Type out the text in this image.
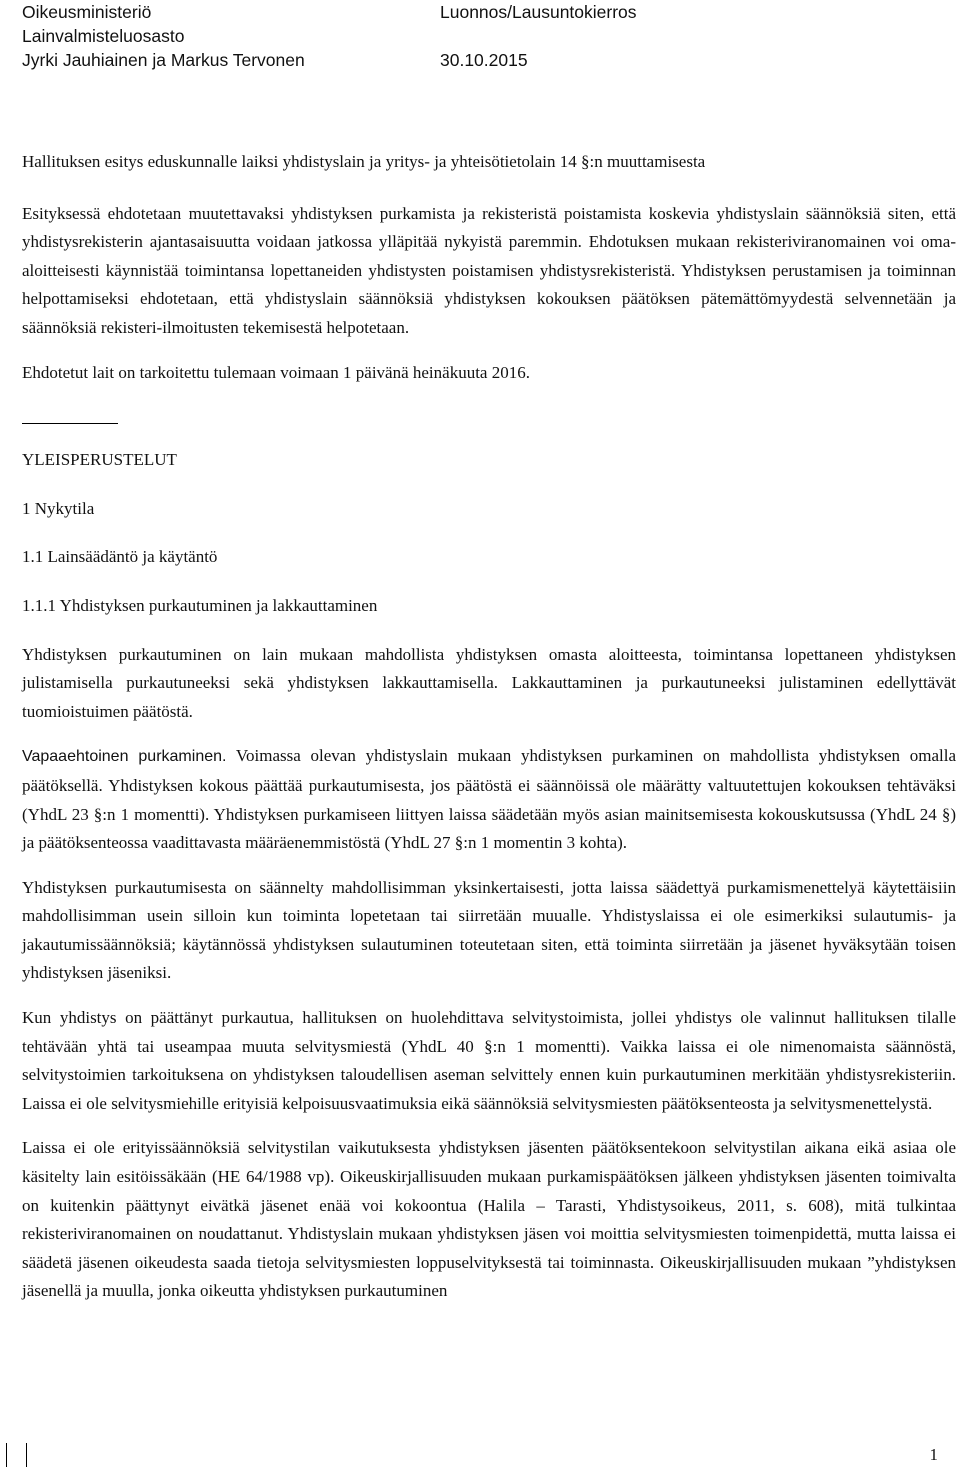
Oikeusministeriö	Luonnos/Lausuntokierros
Lainvalmisteluosasto
Jyrki Jauhiainen ja Markus Tervonen	30.10.2015

Hallituksen esitys eduskunnalle laiksi yhdistyslain ja yritys- ja yhteisötietolain 14 §:n muuttamisesta

Esityksessä ehdotetaan muutettavaksi yhdistyksen purkamista ja rekisteristä poistamista koskevia yhdistyslain säännöksiä siten, että yhdistysrekisterin ajantasaisuutta voidaan jatkossa ylläpitää nykyistä paremmin. Ehdotuksen mukaan rekisteriviranomainen voi oma-aloitteisesti käynnistää toimintansa lopettaneiden yhdistysten poistamisen yhdistysrekisteristä. Yhdistyksen perustamisen ja toiminnan helpottamiseksi ehdotetaan, että yhdistyslain säännöksiä yhdistyksen kokouksen päätöksen pätemättömyydestä selvennetään ja säännöksiä rekisteri-ilmoitusten tekemisestä helpotetaan.

Ehdotetut lait on tarkoitettu tulemaan voimaan 1 päivänä heinäkuuta 2016.

YLEISPERUSTELUT

1 Nykytila

1.1 Lainsäädäntö ja käytäntö

1.1.1 Yhdistyksen purkautuminen ja lakkauttaminen

Yhdistyksen purkautuminen on lain mukaan mahdollista yhdistyksen omasta aloitteesta, toimintansa lopettaneen yhdistyksen julistamisella purkautuneeksi sekä yhdistyksen lakkauttamisella. Lakkauttaminen ja purkautuneeksi julistaminen edellyttävät tuomioistuimen päätöstä.

Vapaaehtoinen purkaminen. Voimassa olevan yhdistyslain mukaan yhdistyksen purkaminen on mahdollista yhdistyksen omalla päätöksellä. Yhdistyksen kokous päättää purkautumisesta, jos päätöstä ei säännöissä ole määrätty valtuutettujen kokouksen tehtäväksi (YhdL 23 §:n 1 momentti). Yhdistyksen purkamiseen liittyen laissa säädetään myös asian mainitsemisesta kokouskutsussa (YhdL 24 §) ja päätöksenteossa vaadittavasta määräenemmistöstä (YhdL 27 §:n 1 momentin 3 kohta).

Yhdistyksen purkautumisesta on säännelty mahdollisimman yksinkertaisesti, jotta laissa säädettyä purkamismenettelyä käytettäisiin mahdollisimman usein silloin kun toiminta lopetetaan tai siirretään muualle. Yhdistyslaissa ei ole esimerkiksi sulautumis- ja jakautumissäännöksiä; käytännössä yhdistyksen sulautuminen toteutetaan siten, että toiminta siirretään ja jäsenet hyväksytään toisen yhdistyksen jäseniksi.

Kun yhdistys on päättänyt purkautua, hallituksen on huolehdittava selvitystoimista, jollei yhdistys ole valinnut hallituksen tilalle tehtävään yhtä tai useampaa muuta selvitysmiestä (YhdL 40 §:n 1 momentti). Vaikka laissa ei ole nimenomaista säännöstä, selvitystoimien tarkoituksena on yhdistyksen taloudellisen aseman selvittely ennen kuin purkautuminen merkitään yhdistysrekisteriin. Laissa ei ole selvitysmiehille erityisiä kelpoisuusvaatimuksia eikä säännöksiä selvitysmiesten päätöksenteosta ja selvitysmenettelystä.

Laissa ei ole erityissäännöksiä selvitystilan vaikutuksesta yhdistyksen jäsenten päätöksentekoon selvitystilan aikana eikä asiaa ole käsitelty lain esitöissäkään (HE 64/1988 vp). Oikeuskirjallisuuden mukaan purkamispäätöksen jälkeen yhdistyksen jäsenten toimivalta on kuitenkin päättynyt eivätkä jäsenet enää voi kokoontua (Halila – Tarasti, Yhdistysoikeus, 2011, s. 608), mitä tulkintaa rekisteriviranomainen on noudattanut. Yhdistyslain mukaan yhdistyksen jäsen voi moittia selvitysmiesten toimenpidettä, mutta laissa ei säädetä jäsenen oikeudesta saada tietoja selvitysmiesten loppuselvityksestä tai toiminnasta. Oikeuskirjallisuuden mukaan ”yhdistyksen jäsenellä ja muulla, jonka oikeutta yhdistyksen purkautuminen

1
